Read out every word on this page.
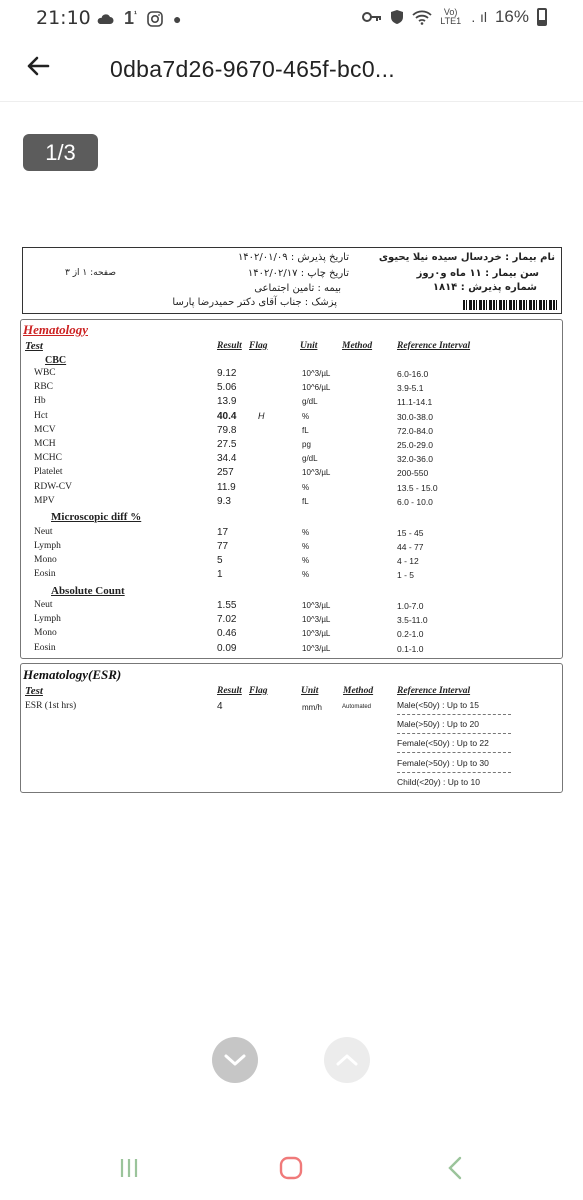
21:10 $1^{^1}$	●	Vo)
LTE1  .  ıl 16%
0dba7d26-9670-465f-bc0...
1/3
نام بیمار : خردسال سیده نیلا یحیوی
سن بیمار : ۱۱ ماه و۰روز
شماره پذیرش : ۱۸۱۴
تاریخ پذیرش : ۱۴۰۲/۰۱/۰۹
تاریخ چاپ : ۱۴۰۲/۰۲/۱۷
بیمه : تامین اجتماعی
پزشک : جناب آقای دکتر حمیدرضا پارسا
صفحه: ۱ از ۳
Hematology
Test	Result Flag	Unit	Method	Reference Interval
CBC
Microscopic diff %
Absolute Count
WBC	9.12	10^3/µL	6.0-16.0
RBC	5.06	10^6/µL	3.9-5.1
Hb	13.9	g/dL	11.1-14.1
Hct	40.4 H	%	30.0-38.0
MCV	79.8	fL	72.0-84.0
MCH	27.5	pg	25.0-29.0
MCHC	34.4	g/dL	32.0-36.0
Platelet	257	10^3/µL	200-550
RDW-CV	11.9	%	13.5 - 15.0
MPV	9.3	fL	6.0 - 10.0
Neut	17	%	15 - 45
Lymph	77	%	44 - 77
Mono	5	%	4 - 12
Eosin	1	%	1 - 5
Neut	1.55	10^3/µL	1.0-7.0
Lymph	7.02	10^3/µL	3.5-11.0
Mono	0.46	10^3/µL	0.2-1.0
Eosin	0.09	10^3/µL	0.1-1.0
Hematology(ESR)
Test	Result Flag	Unit	Method	Reference Interval
ESR (1st hrs)	4	mm/h	Automated	Male(<50y) : Up to 15
Male(>50y) : Up to 20
Female(<50y) : Up to 22
Female(>50y) : Up to 30
Child(<20y) : Up to 10
